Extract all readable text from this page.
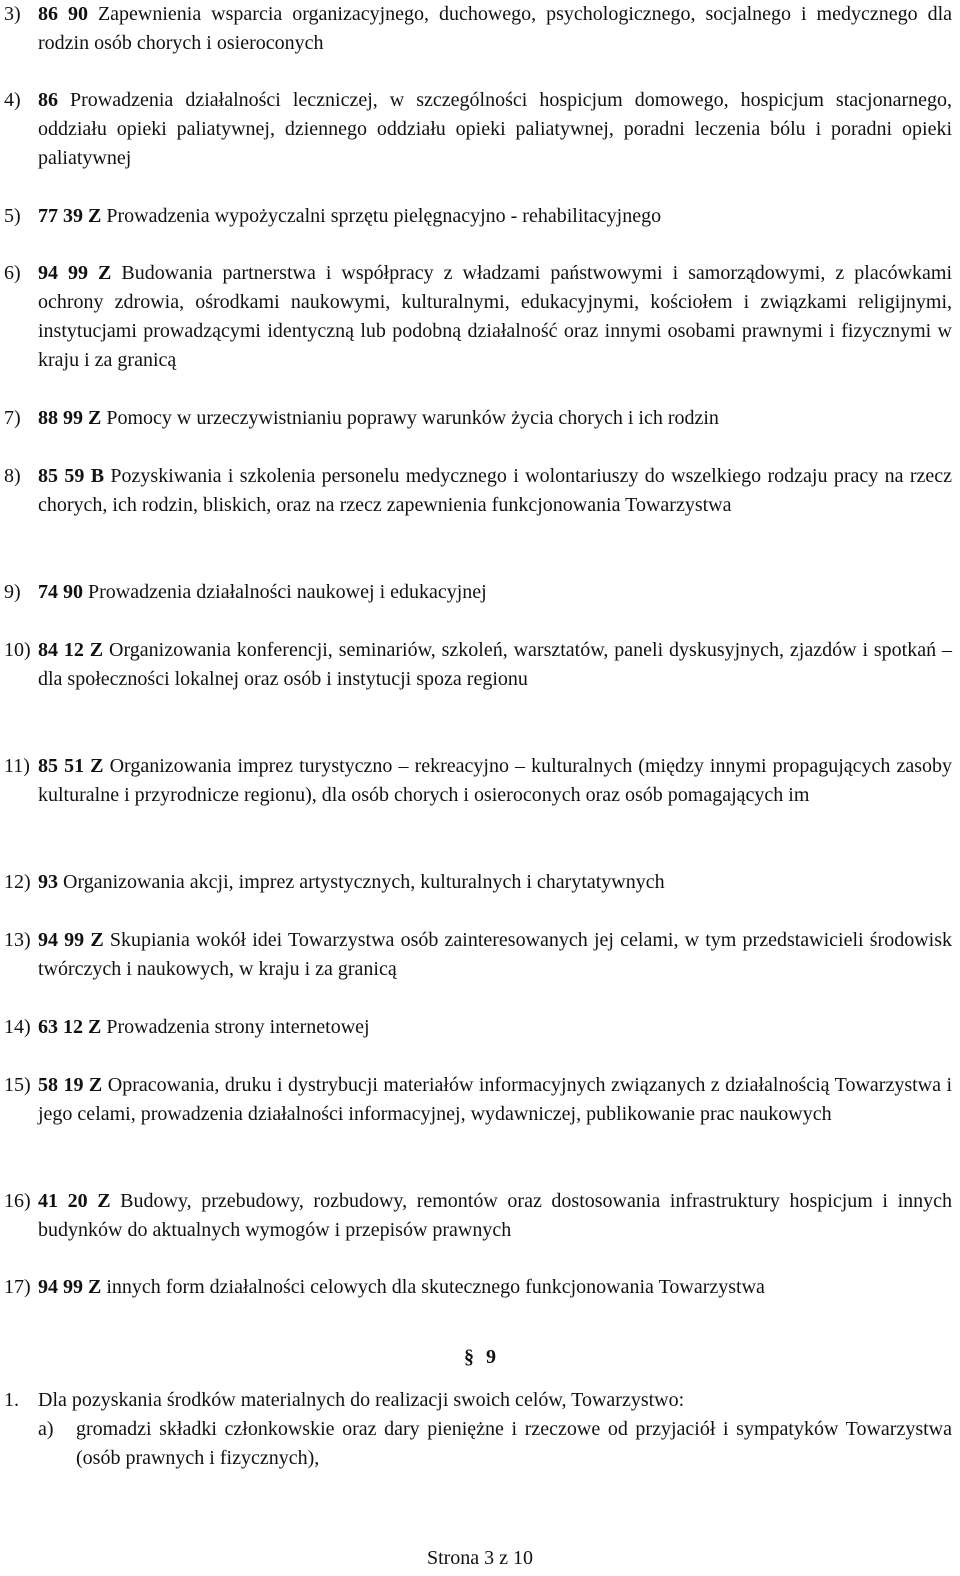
3) 86 90 Zapewnienia wsparcia organizacyjnego, duchowego, psychologicznego, socjalnego i medycznego dla rodzin osób chorych i osieroconych
4) 86 Prowadzenia działalności leczniczej, w szczególności hospicjum domowego, hospicjum stacjonarnego, oddziału opieki paliatywnej, dziennego oddziału opieki paliatywnej, poradni leczenia bólu i poradni opieki paliatywnej
5) 77 39 Z Prowadzenia wypożyczalni sprzętu pielęgnacyjno - rehabilitacyjnego
6) 94 99 Z Budowania partnerstwa i współpracy z władzami państwowymi i samorządowymi, z placówkami ochrony zdrowia, ośrodkami naukowymi, kulturalnymi, edukacyjnymi, kościołem i związkami religijnymi, instytucjami prowadzącymi identyczną lub podobną działalność oraz innymi osobami prawnymi i fizycznymi w kraju i za granicą
7) 88 99 Z Pomocy w urzeczywistnianiu poprawy warunków życia chorych i ich rodzin
8) 85 59 B Pozyskiwania i szkolenia personelu medycznego i wolontariuszy do wszelkiego rodzaju pracy na rzecz chorych, ich rodzin, bliskich, oraz na rzecz zapewnienia funkcjonowania Towarzystwa
9) 74 90 Prowadzenia działalności naukowej i edukacyjnej
10) 84 12 Z Organizowania konferencji, seminariów, szkoleń, warsztatów, paneli dyskusyjnych, zjazdów i spotkań – dla społeczności lokalnej oraz osób i instytucji spoza regionu
11) 85 51 Z Organizowania imprez turystyczno – rekreacyjno – kulturalnych (między innymi propagujących zasoby kulturalne i przyrodnicze regionu), dla osób chorych i osieroconych oraz osób pomagających im
12) 93 Organizowania akcji, imprez artystycznych, kulturalnych i charytatywnych
13) 94 99 Z Skupiania wokół idei Towarzystwa osób zainteresowanych jej celami, w tym przedstawicieli środowisk twórczych i naukowych, w kraju i za granicą
14) 63 12 Z Prowadzenia strony internetowej
15) 58 19 Z Opracowania, druku i dystrybucji materiałów informacyjnych związanych z działalnością Towarzystwa i jego celami, prowadzenia działalności informacyjnej, wydawniczej, publikowanie prac naukowych
16) 41 20 Z Budowy, przebudowy, rozbudowy, remontów oraz dostosowania infrastruktury hospicjum i innych budynków do aktualnych wymogów i przepisów prawnych
17) 94 99 Z innych form działalności celowych dla skutecznego funkcjonowania Towarzystwa
§ 9
1. Dla pozyskania środków materialnych do realizacji swoich celów, Towarzystwo:
a) gromadzi składki członkowskie oraz dary pieniężne i rzeczowe od przyjaciół i sympatyków Towarzystwa (osób prawnych i fizycznych),
Strona 3 z 10
